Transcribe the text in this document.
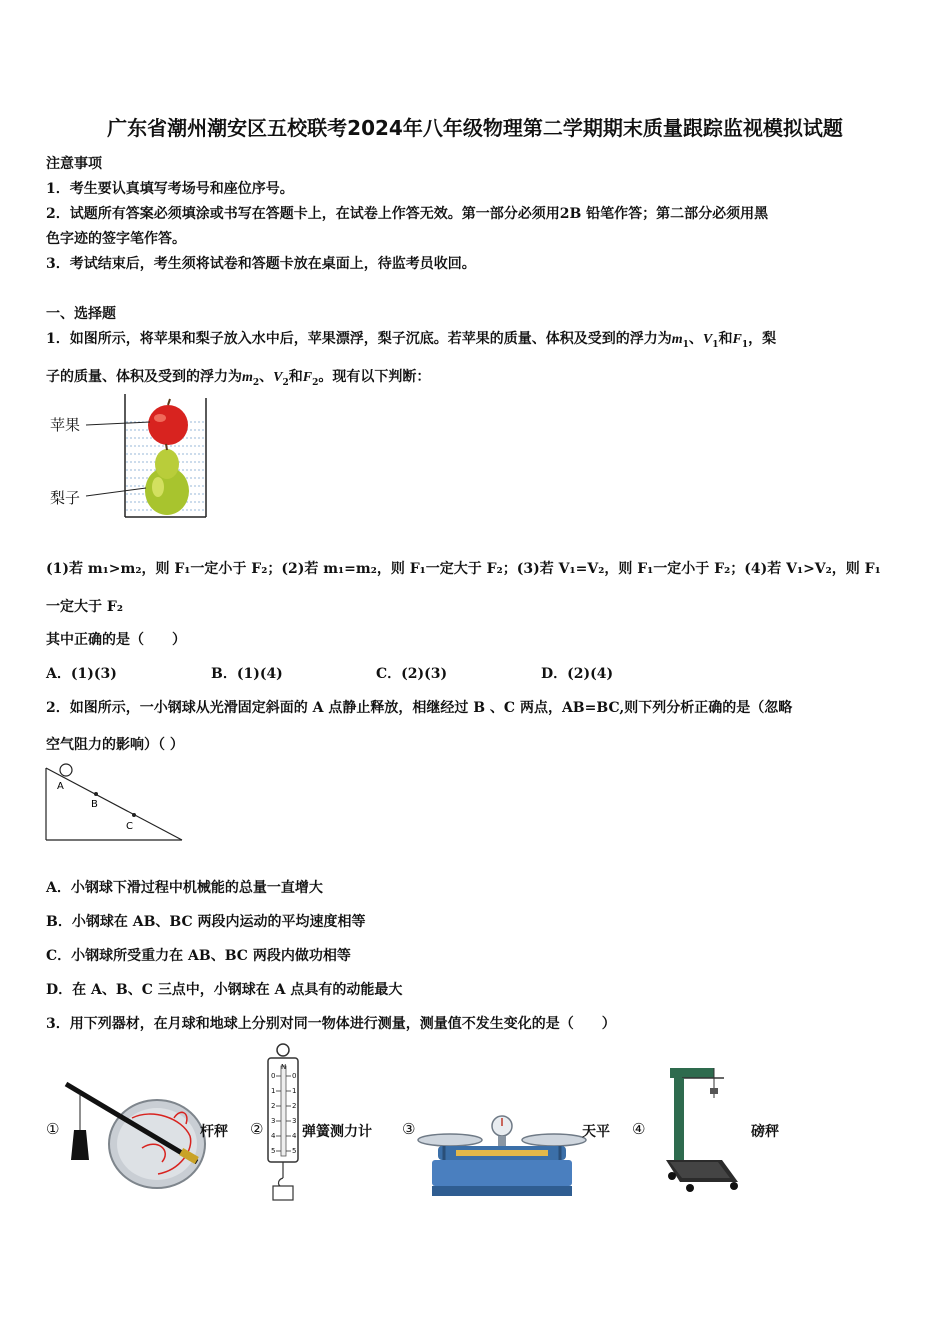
广东省潮州潮安区五校联考2024年八年级物理第二学期期末质量跟踪监视模拟试题
注意事项
1．考生要认真填写考场号和座位序号。
2．试题所有答案必须填涂或书写在答题卡上，在试卷上作答无效。第一部分必须用2B 铅笔作答；第二部分必须用黑
色字迹的签字笔作答。
3．考试结束后，考生须将试卷和答题卡放在桌面上，待监考员收回。
一、选择题
1．如图所示，将苹果和梨子放入水中后，苹果漂浮，梨子沉底。若苹果的质量、体积及受到的浮力为$m_1$、$V_1$和$F_1$，梨
子的质量、体积及受到的浮力为$m_2$、$V_2$和$F_2$。现有以下判断：
苹果
梨子
(1)若 m₁>m₂，则 F₁一定小于 F₂；(2)若 m₁=m₂，则 F₁一定大于 F₂；(3)若 V₁=V₂，则 F₁一定小于 F₂；(4)若 V₁>V₂，则 F₁
一定大于 F₂
其中正确的是（　　）
A．(1)(3)	B．(1)(4)	C．(2)(3)	D．(2)(4)
2．如图所示，一小钢球从光滑固定斜面的 A 点静止释放，相继经过 B 、C 两点，AB=BC,则下列分析正确的是（忽略
空气阻力的影响）（ ）
A
B
C
A．小钢球下滑过程中机械能的总量一直增大
B．小钢球在 AB、BC 两段内运动的平均速度相等
C．小钢球所受重力在 AB、BC 两段内做功相等
D．在 A、B、C 三点中，小钢球在 A 点具有的动能最大
3．用下列器材，在月球和地球上分别对同一物体进行测量，测量值不发生变化的是（　　）
①	杆秤 ②
N
0
1
2
3
4
5
0
1
2
3
4
5
弹簧测力计 ③	天平 ④	磅秤
